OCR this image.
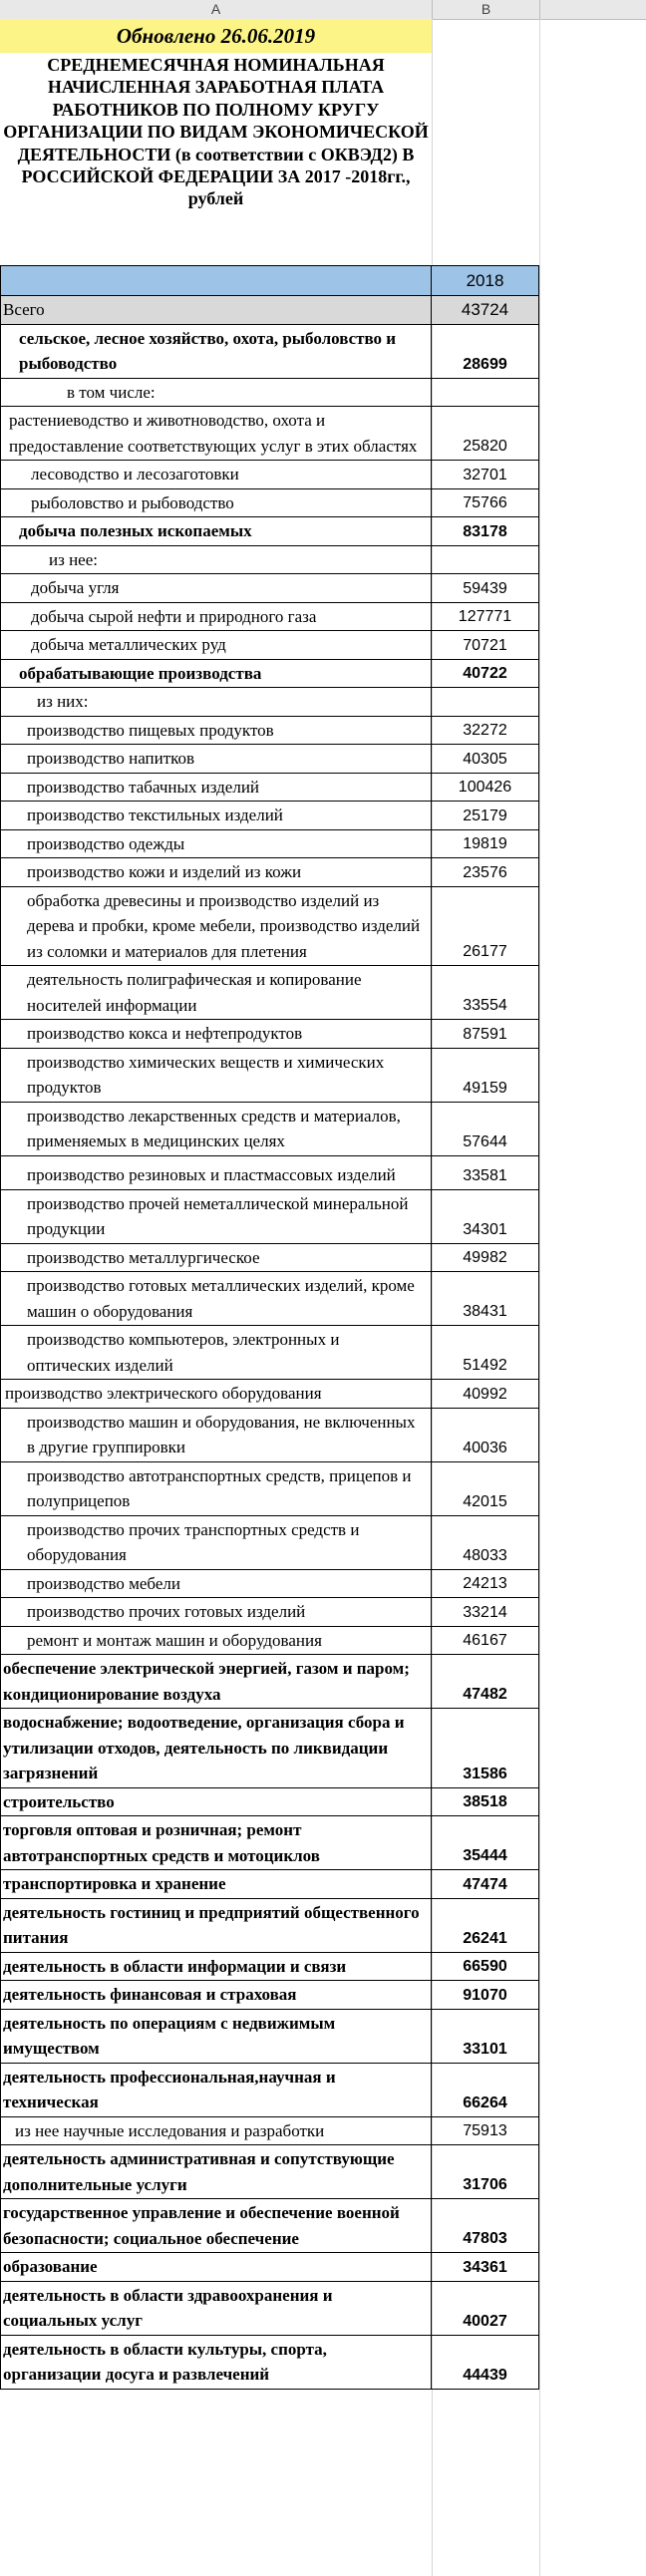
A	B
Обновлено 26.06.2019
СРЕДНЕМЕСЯЧНАЯ НОМИНАЛЬНАЯ НАЧИСЛЕННАЯ ЗАРАБОТНАЯ ПЛАТА РАБОТНИКОВ ПО ПОЛНОМУ КРУГУ ОРГАНИЗАЦИИ ПО ВИДАМ ЭКОНОМИЧЕСКОЙ ДЕЯТЕЛЬНОСТИ (в соответствии с ОКВЭД2) В РОССИЙСКОЙ ФЕДЕРАЦИИ ЗА 2017 -2018гг., рублей
2018
Всего	43724
сельское, лесное хозяйство, охота, рыболовство и рыбоводство	28699
в том числе:
растениеводство и животноводство, охота и предоставление соответствующих услуг в этих областях	25820
лесоводство и лесозаготовки	32701
рыболовство и рыбоводство	75766
добыча полезных ископаемых	83178
из нее:
добыча угля	59439
добыча сырой нефти и природного газа	127771
добыча металлических руд	70721
обрабатывающие производства	40722
из них:
производство пищевых продуктов	32272
производство напитков	40305
производство табачных изделий	100426
производство текстильных изделий	25179
производство одежды	19819
производство кожи и изделий из кожи	23576
обработка древесины и производство изделий из дерева и пробки, кроме мебели, производство изделий из соломки и материалов для плетения	26177
деятельность полиграфическая и копирование носителей информации	33554
производство кокса и нефтепродуктов	87591
производство химических веществ и химических продуктов	49159
производство лекарственных средств и материалов, применяемых в медицинских целях	57644
производство резиновых и пластмассовых изделий	33581
производство прочей неметаллической минеральной продукции	34301
производство металлургическое	49982
производство готовых металлических изделий, кроме машин о оборудования	38431
производство компьютеров, электронных и оптических изделий	51492
производство электрического оборудования	40992
производство машин и оборудования, не включенных в другие группировки	40036
производство автотранспортных средств, прицепов и полуприцепов	42015
производство прочих транспортных средств и оборудования	48033
производство мебели	24213
производство прочих готовых изделий	33214
ремонт и монтаж машин и оборудования	46167
обеспечение электрической энергией, газом и паром; кондиционирование воздуха	47482
водоснабжение; водоотведение, организация сбора и утилизации отходов, деятельность по ликвидации загрязнений	31586
строительство	38518
торговля оптовая и розничная; ремонт автотранспортных средств и мотоциклов	35444
транспортировка и хранение	47474
деятельность гостиниц и предприятий общественного питания	26241
деятельность в области информации и связи	66590
деятельность финансовая и страховая	91070
деятельность по операциям с недвижимым имуществом	33101
деятельность профессиональная,научная и техническая	66264
из нее научные исследования и разработки	75913
деятельность административная и сопутствующие дополнительные услуги	31706
государственное управление и обеспечение военной безопасности; социальное обеспечение	47803
образование	34361
деятельность в области здравоохранения и социальных услуг	40027
деятельность в области культуры, спорта, организации досуга и развлечений	44439
